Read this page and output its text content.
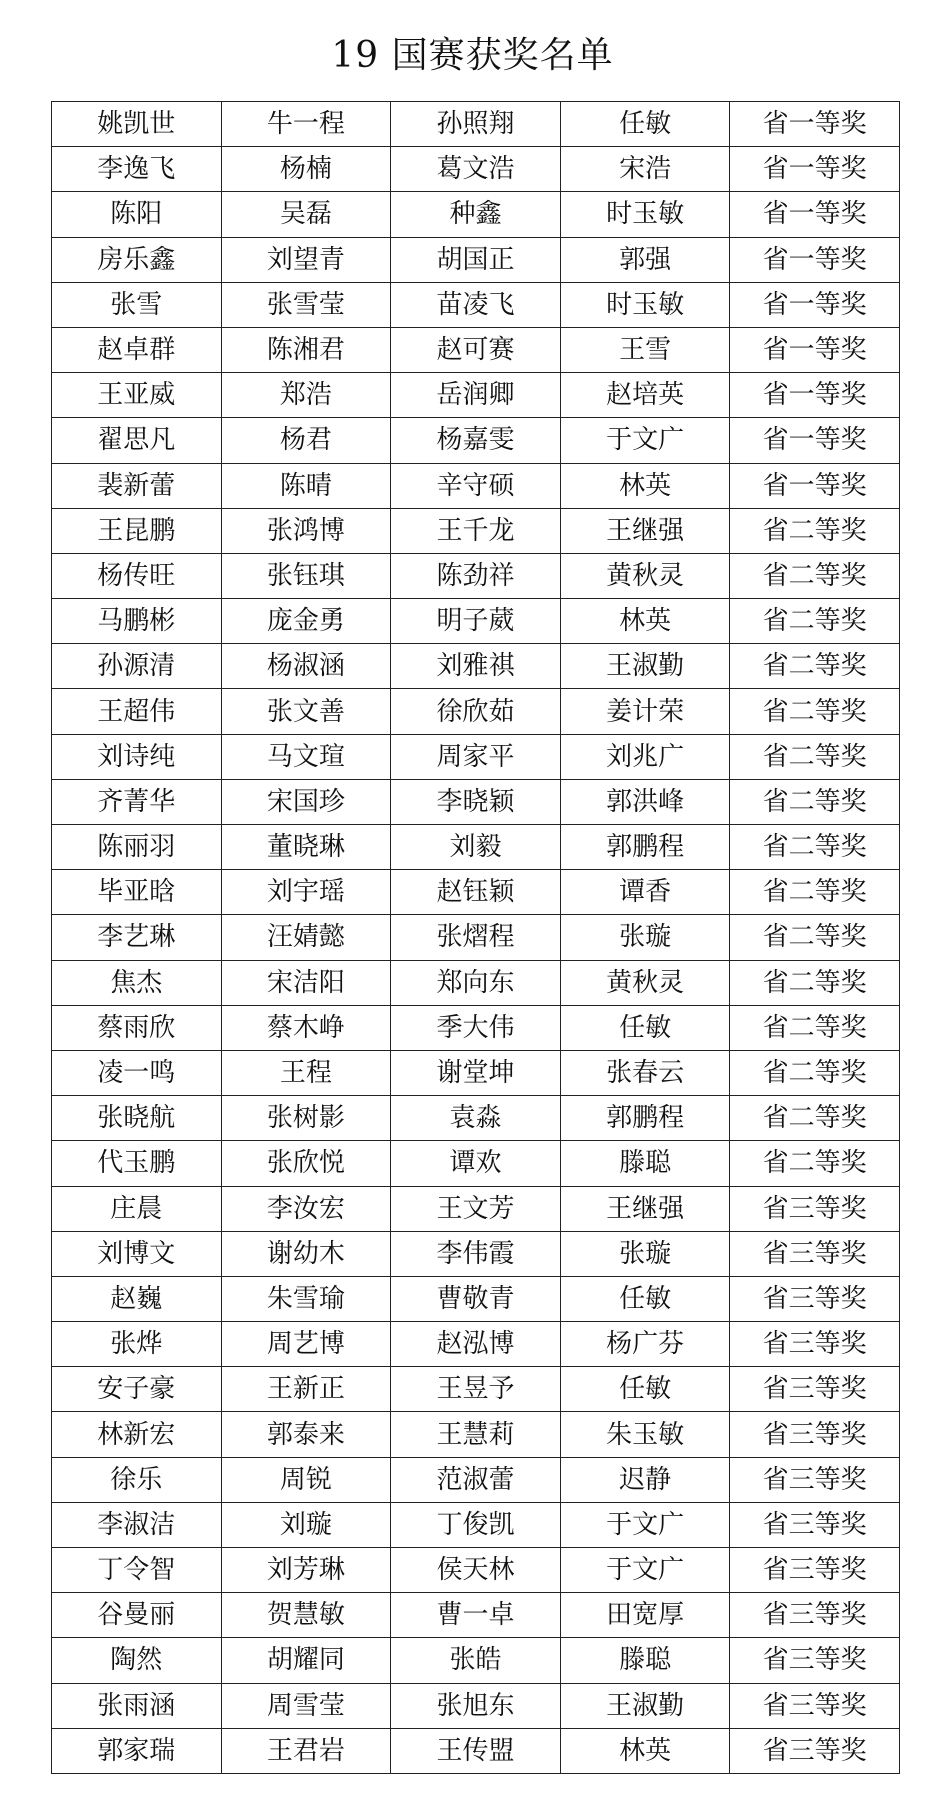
19 国赛获奖名单
姚凯世	牛一程	孙照翔	任敏	省一等奖
李逸飞	杨楠	葛文浩	宋浩	省一等奖
陈阳	吴磊	种鑫	时玉敏	省一等奖
房乐鑫	刘望青	胡国正	郭强	省一等奖
张雪	张雪莹	苗凌飞	时玉敏	省一等奖
赵卓群	陈湘君	赵可赛	王雪	省一等奖
王亚威	郑浩	岳润卿	赵培英	省一等奖
翟思凡	杨君	杨嘉雯	于文广	省一等奖
裴新蕾	陈晴	辛守硕	林英	省一等奖
王昆鹏	张鸿博	王千龙	王继强	省二等奖
杨传旺	张钰琪	陈劲祥	黄秋灵	省二等奖
马鹏彬	庞金勇	明子葳	林英	省二等奖
孙源清	杨淑涵	刘雅祺	王淑勤	省二等奖
王超伟	张文善	徐欣茹	姜计荣	省二等奖
刘诗纯	马文瑄	周家平	刘兆广	省二等奖
齐菁华	宋国珍	李晓颖	郭洪峰	省二等奖
陈丽羽	董晓琳	刘毅	郭鹏程	省二等奖
毕亚晗	刘宇瑶	赵钰颖	谭香	省二等奖
李艺琳	汪婧懿	张熠程	张璇	省二等奖
焦杰	宋洁阳	郑向东	黄秋灵	省二等奖
蔡雨欣	蔡木峥	季大伟	任敏	省二等奖
凌一鸣	王程	谢堂坤	张春云	省二等奖
张晓航	张树影	袁淼	郭鹏程	省二等奖
代玉鹏	张欣悦	谭欢	滕聪	省二等奖
庄晨	李汝宏	王文芳	王继强	省三等奖
刘博文	谢幼木	李伟霞	张璇	省三等奖
赵巍	朱雪瑜	曹敬青	任敏	省三等奖
张烨	周艺博	赵泓博	杨广芬	省三等奖
安子豪	王新正	王昱予	任敏	省三等奖
林新宏	郭泰来	王慧莉	朱玉敏	省三等奖
徐乐	周锐	范淑蕾	迟静	省三等奖
李淑洁	刘璇	丁俊凯	于文广	省三等奖
丁令智	刘芳琳	侯天林	于文广	省三等奖
谷曼丽	贺慧敏	曹一卓	田宽厚	省三等奖
陶然	胡耀同	张皓	滕聪	省三等奖
张雨涵	周雪莹	张旭东	王淑勤	省三等奖
郭家瑞	王君岩	王传盟	林英	省三等奖
